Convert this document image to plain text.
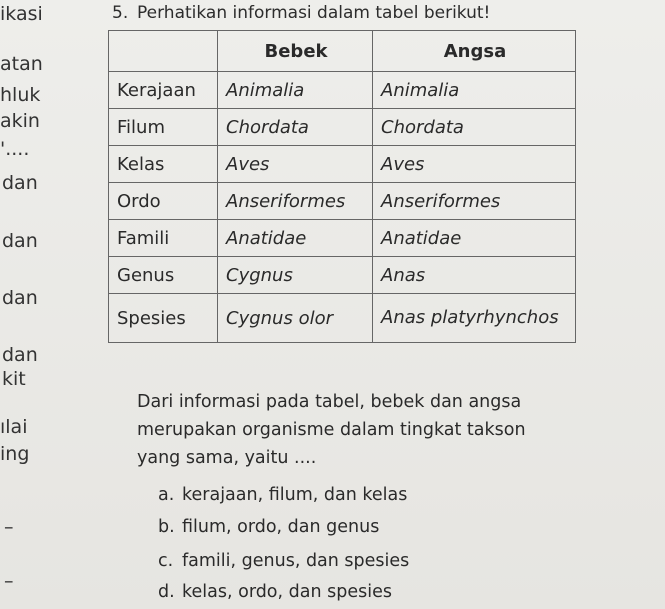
ikasi
atan
hluk
akin
'....
dan
dan
dan
dan
kit
ılai
ing
–
–
5. Perhatikan informasi dalam tabel berikut!
	Bebek	Angsa
Kerajaan	Animalia	Animalia
Filum	Chordata	Chordata
Kelas	Aves	Aves
Ordo	Anseriformes	Anseriformes
Famili	Anatidae	Anatidae
Genus	Cygnus	Anas
Spesies	Cygnus olor	Anas platyrhynchos
Dari informasi pada tabel, bebek dan angsa
merupakan organisme dalam tingkat takson
yang sama, yaitu ....
a. kerajaan, filum, dan kelas
b. filum, ordo, dan genus
c. famili, genus, dan spesies
d. kelas, ordo, dan spesies
